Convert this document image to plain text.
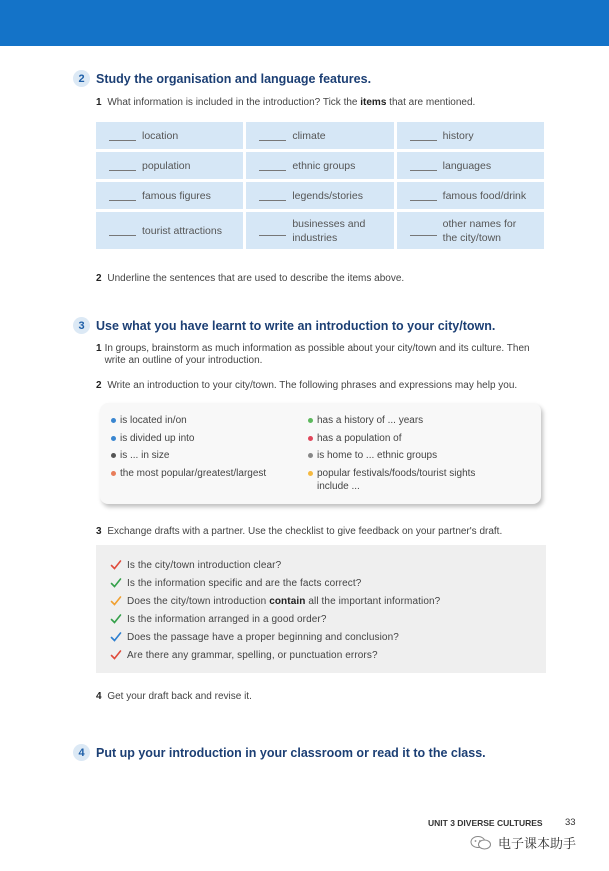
2 Study the organisation and language features.
1 What information is included in the introduction? Tick the items that are mentioned.
location	climate	history

population	ethnic groups	languages

famous figures	legends/stories	famous food/drink

tourist attractions	businesses and industries	other names for the city/town
2 Underline the sentences that are used to describe the items above.
3 Use what you have learnt to write an introduction to your city/town.
1 In groups, brainstorm as much information as possible about your city/town and its culture. Then write an outline of your introduction.
2 Write an introduction to your city/town. The following phrases and expressions may help you.
is located in/on
is divided up into
is ... in size
the most popular/greatest/largest
has a history of ... years
has a population of
is home to ... ethnic groups
popular festivals/foods/tourist sights include ...
3 Exchange drafts with a partner. Use the checklist to give feedback on your partner's draft.
Is the city/town introduction clear?
Is the information specific and are the facts correct?
Does the city/town introduction
contain
all the important information?
Is the information arranged in a good order?
Does the passage have a proper beginning and conclusion?
Are there any grammar, spelling, or punctuation errors?
4 Get your draft back and revise it.
4 Put up your introduction in your classroom or read it to the class.
UNIT 3 DIVERSE CULTURES 33
电子课本助手
